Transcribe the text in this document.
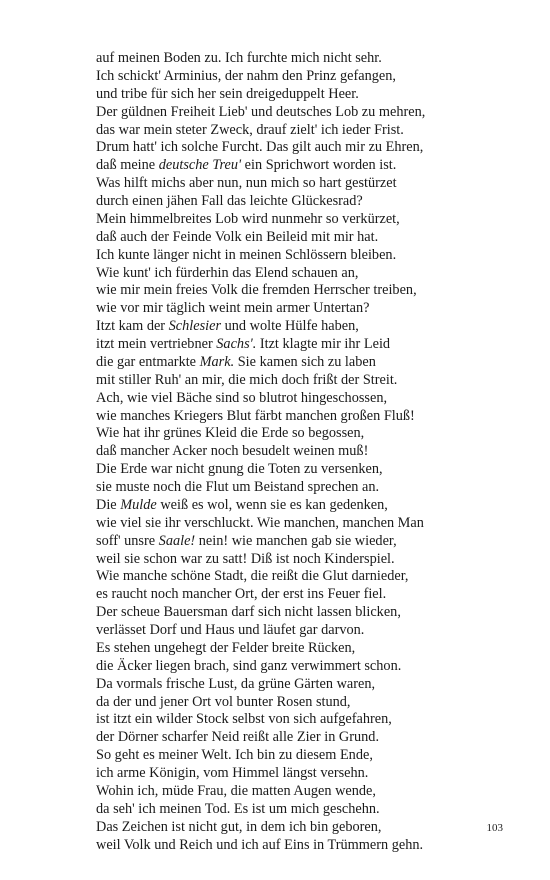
auf meinen Boden zu. Ich furchte mich nicht sehr.
Ich schickt' Arminius, der nahm den Prinz gefangen,
und tribe für sich her sein dreigeduppelt Heer.
Der güldnen Freiheit Lieb' und deutsches Lob zu mehren,
das war mein steter Zweck, drauf zielt' ich ieder Frist.
Drum hatt' ich solche Furcht. Das gilt auch mir zu Ehren,
daß meine deutsche Treu' ein Sprichwort worden ist.
Was hilft michs aber nun, nun mich so hart gestürzet
durch einen jähen Fall das leichte Glückesrad?
Mein himmelbreites Lob wird nunmehr so verkürzet,
daß auch der Feinde Volk ein Beileid mit mir hat.
Ich kunte länger nicht in meinen Schlössern bleiben.
Wie kunt' ich fürderhin das Elend schauen an,
wie mir mein freies Volk die fremden Herrscher treiben,
wie vor mir täglich weint mein armer Untertan?
Itzt kam der Schlesier und wolte Hülfe haben,
itzt mein vertriebner Sachs'. Itzt klagte mir ihr Leid
die gar entmarkte Mark. Sie kamen sich zu laben
mit stiller Ruh' an mir, die mich doch frißt der Streit.
Ach, wie viel Bäche sind so blutrot hingeschossen,
wie manches Kriegers Blut färbt manchen großen Fluß!
Wie hat ihr grünes Kleid die Erde so begossen,
daß mancher Acker noch besudelt weinen muß!
Die Erde war nicht gnung die Toten zu versenken,
sie muste noch die Flut um Beistand sprechen an.
Die Mulde weiß es wol, wenn sie es kan gedenken,
wie viel sie ihr verschluckt. Wie manchen, manchen Man
soff' unsre Saale! nein! wie manchen gab sie wieder,
weil sie schon war zu satt! Diß ist noch Kinderspiel.
Wie manche schöne Stadt, die reißt die Glut darnieder,
es raucht noch mancher Ort, der erst ins Feuer fiel.
Der scheue Bauersman darf sich nicht lassen blicken,
verlässet Dorf und Haus und läufet gar darvon.
Es stehen ungehegt der Felder breite Rücken,
die Äcker liegen brach, sind ganz verwimmert schon.
Da vormals frische Lust, da grüne Gärten waren,
da der und jener Ort vol bunter Rosen stund,
ist itzt ein wilder Stock selbst von sich aufgefahren,
der Dörner scharfer Neid reißt alle Zier in Grund.
So geht es meiner Welt. Ich bin zu diesem Ende,
ich arme Königin, vom Himmel längst versehn.
Wohin ich, müde Frau, die matten Augen wende,
da seh' ich meinen Tod. Es ist um mich geschehn.
Das Zeichen ist nicht gut, in dem ich bin geboren,
weil Volk und Reich und ich auf Eins in Trümmern gehn.
103
